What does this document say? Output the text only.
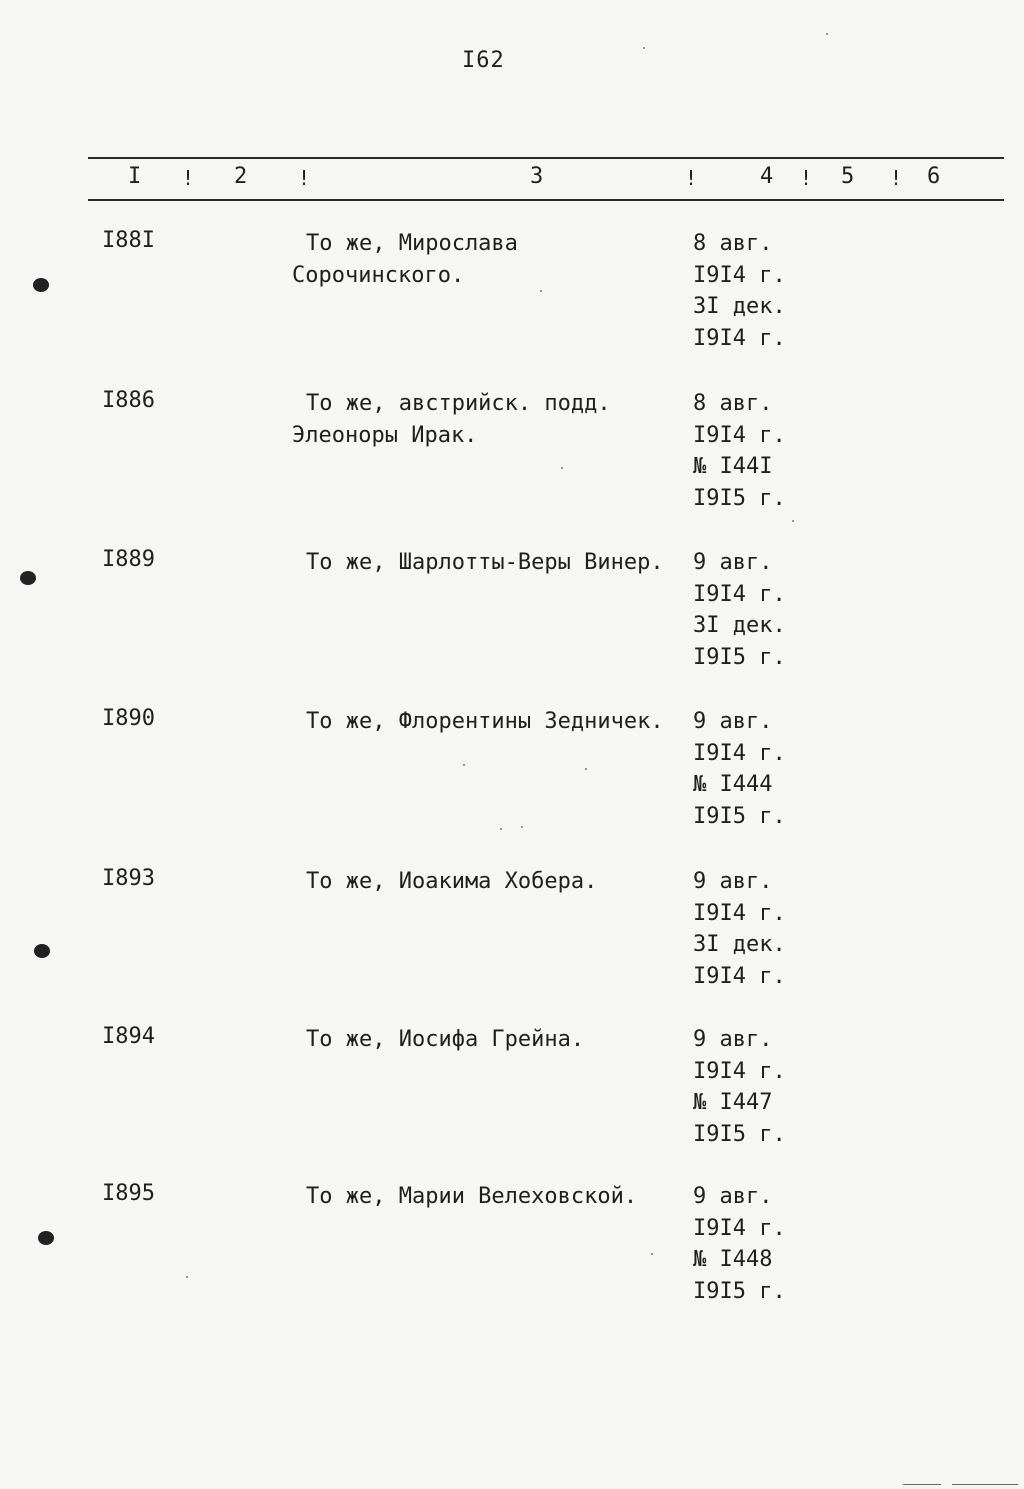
I62
I ! 2	!	3	!	4 ! 5 ! 6
I88I	То же, Мирослава Сорочинского.
8 авг.
I9I4 г.
3I дек.
I9I4 г.
I886	То же, австрийск. подд. Элеоноры Ирак.
8 авг.
I9I4 г.
№ I44I
I9I5 г.
I889	То же, Шарлотты-Веры Винер.	9 авг.
I9I4 г.
3I дек.
I9I5 г.
I890	То же, Флорентины Зедничек.	9 авг.
I9I4 г.
№ I444
I9I5 г.
I893	То же, Иоакима Хобера.	9 авг.
I9I4 г.
3I дек.
I9I4 г.
I894	То же, Иосифа Грейна.	9 авг.
I9I4 г.
№ I447
I9I5 г.
I895	То же, Марии Велеховской.	9 авг.
I9I4 г.
№ I448
I9I5 г.
